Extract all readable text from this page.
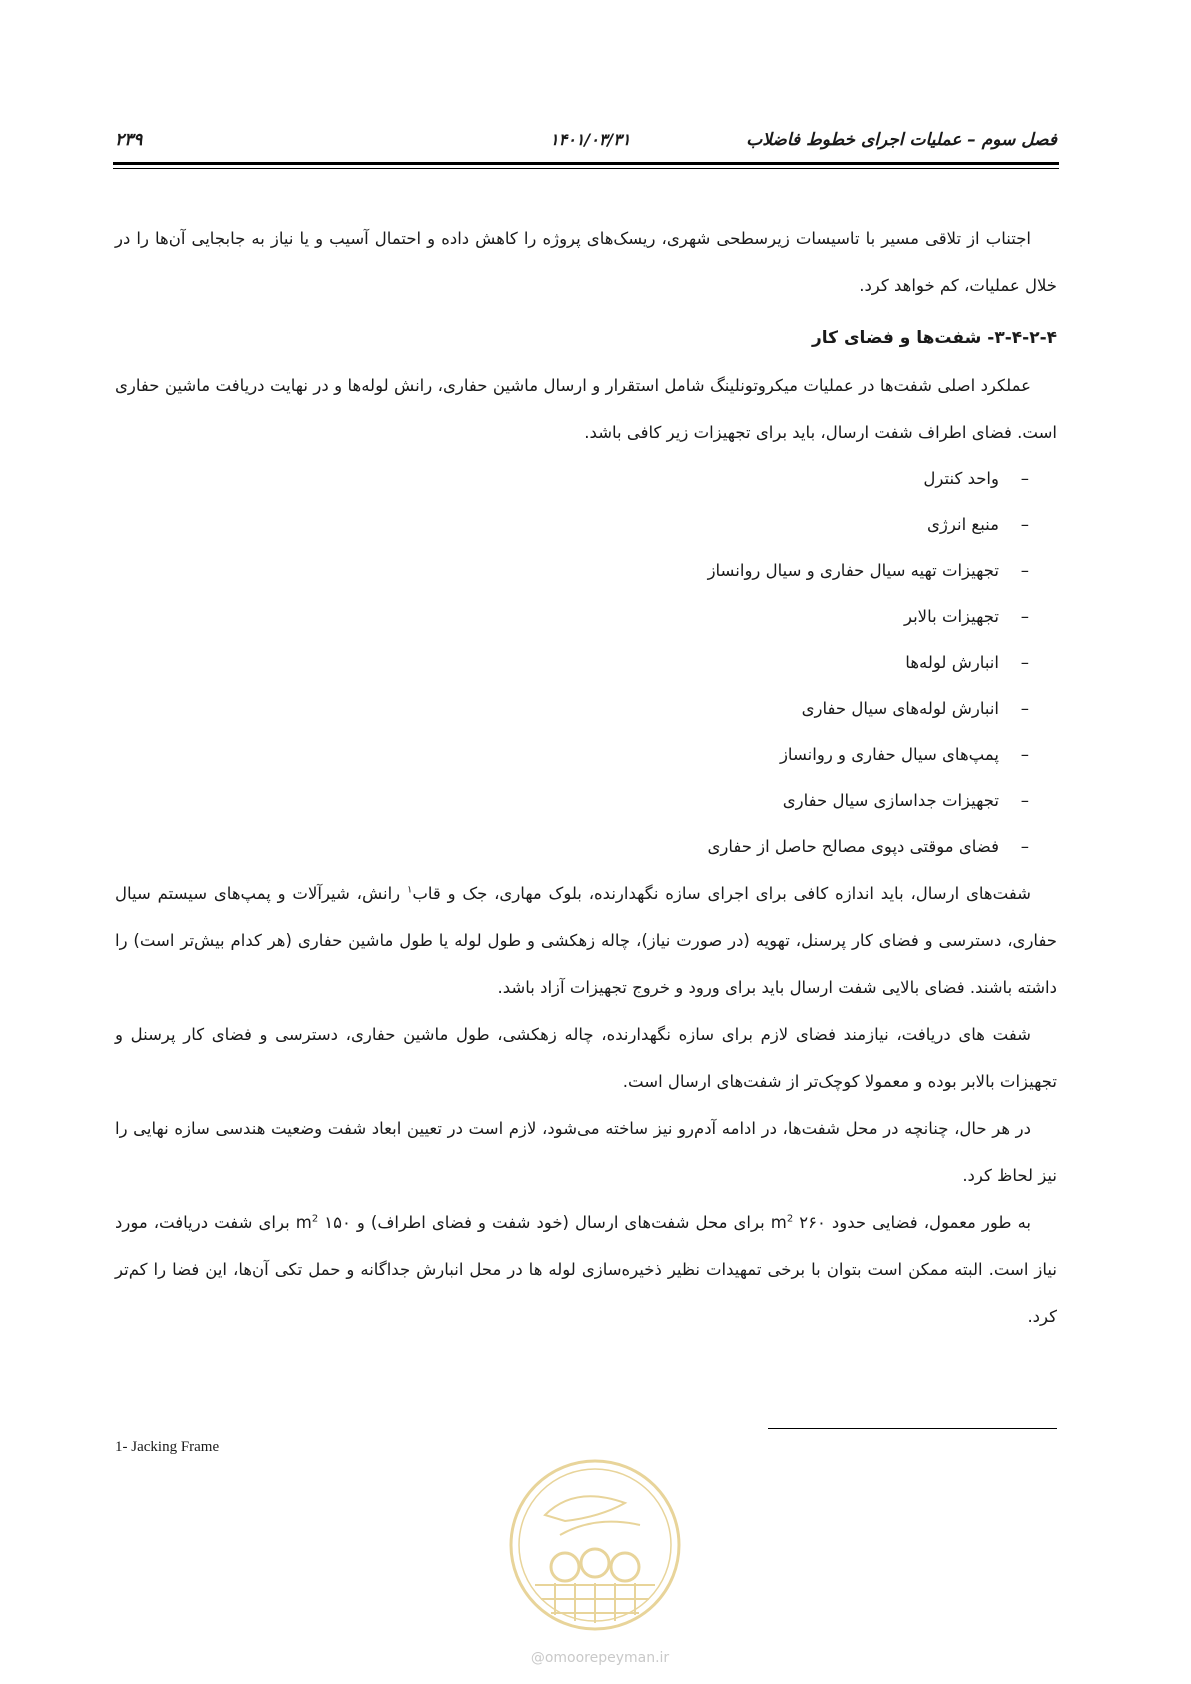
فصل سوم – عملیات اجرای خطوط فاضلاب
۱۴۰۱/۰۳/۳۱
۲۳۹

اجتناب از تلاقی مسیر با تاسیسات زیرسطحی شهری، ریسک‌های پروژه را کاهش داده و احتمال آسیب و یا نیاز به جابجایی آن‌ها را در خلال عملیات، کم خواهد کرد.

۳-۴-۲-۴- شفت‌ها و فضای کار

عملکرد اصلی شفت‌ها در عملیات میکروتونلینگ شامل استقرار و ارسال ماشین حفاری، رانش لوله‌ها و در نهایت دریافت ماشین حفاری است. فضای اطراف شفت ارسال، باید برای تجهیزات زیر کافی باشد.

–واحد کنترل
–منبع انرژی
–تجهیزات تهیه سیال حفاری و سیال روانساز
–تجهیزات بالابر
–انبارش لوله‌ها
–انبارش لوله‌های سیال حفاری
–پمپ‌های سیال حفاری و روانساز
–تجهیزات جداسازی سیال حفاری
–فضای موقتی دپوی مصالح حاصل از حفاری

شفت‌های ارسال، باید اندازه کافی برای اجرای سازه نگهدارنده، بلوک مهاری، جک و قاب$^۱$ رانش، شیرآلات و پمپ‌های سیستم سیال حفاری، دسترسی و فضای کار پرسنل، تهویه (در صورت نیاز)، چاله زهکشی و طول لوله یا طول ماشین حفاری (هر کدام بیش‌تر است) را داشته باشند. فضای بالایی شفت ارسال باید برای ورود و خروج تجهیزات آزاد باشد.

شفت های دریافت، نیازمند فضای لازم برای سازه نگهدارنده، چاله زهکشی، طول ماشین حفاری، دسترسی و فضای کار پرسنل و تجهیزات بالابر بوده و معمولا کوچک‌تر از شفت‌های ارسال است.

در هر حال، چنانچه در محل شفت‌ها، در ادامه آدم‌رو نیز ساخته می‌شود، لازم است در تعیین ابعاد شفت وضعیت هندسی سازه نهایی را نیز لحاظ کرد.

به طور معمول، فضایی حدود ۲۶۰ $m^2$ برای محل شفت‌های ارسال (خود شفت و فضای اطراف) و ۱۵۰ $m^2$ برای شفت دریافت، مورد نیاز است. البته ممکن است بتوان با برخی تمهیدات نظیر ذخیره‌سازی لوله ها در محل انبارش جداگانه و حمل تکی آن‌ها، این فضا را کم‌تر کرد.

1- Jacking Frame
@omoorepeyman.ir
